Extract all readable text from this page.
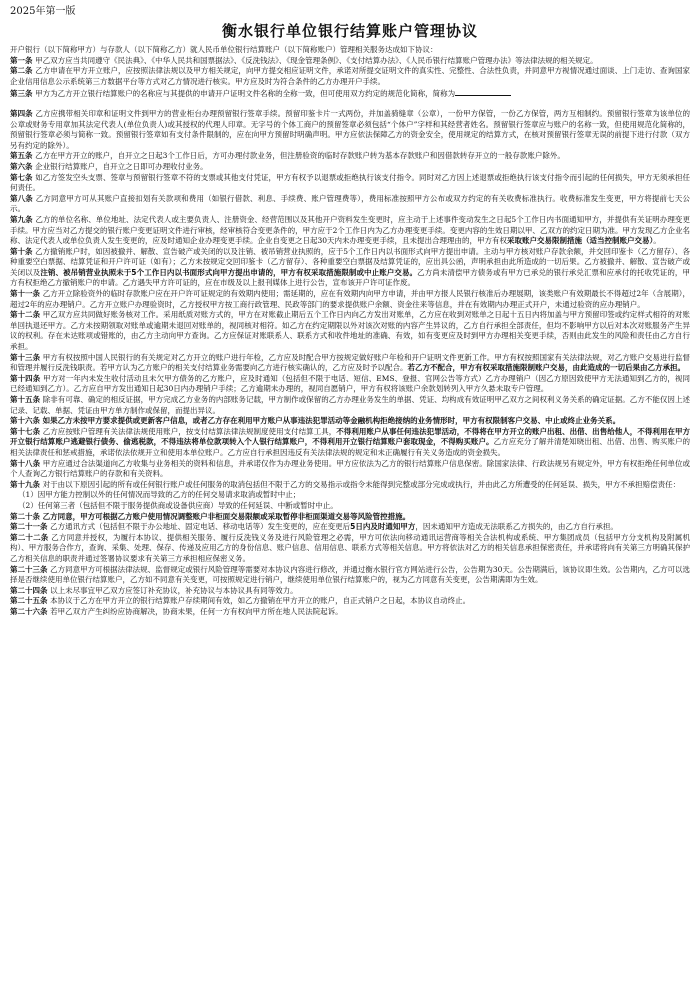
2025年第一版

衡水银行单位银行结算账户管理协议

开户银行（以下简称甲方）与存款人（以下简称乙方）就人民币单位银行结算账户（以下简称账户）管理相关服务达成如下协议：

第一条 甲乙双方应当共同遵守《民法典》、《中华人民共和国票据法》、《反洗钱法》、《现金管理条例》、《支付结算办法》、《人民币银行结算账户管理办法》等法律法规的相关规定。

第二条 乙方申请在甲方开立账户，应按照法律法规以及甲方相关规定，向甲方提交相应证明文件，承诺对所提交证明文件的真实性、完整性、合法性负责，并同意甲方视情况通过面谈、上门走访、查询国家企业信用信息公示系统第三方数据平台等方式对乙方情况进行核实。甲方应及时为符合条件的乙方办理开户手续。

第三条 甲方为乙方开立银行结算账户的名称应与其提供的申请开户证明文件名称的全称一致，但可使用双方约定的规范化简称，简称为

第四条 乙方应携带相关印章和证明文件到甲方的营业柜台办理预留银行签章手续。预留印鉴卡片一式两份，并加盖骑缝章（公章），一份甲方保管，一份乙方保管，两方互相制约。预留银行签章为该单位的公章或财务专用章加其法定代表人(单位负责人)或其授权的代理人印章。无字号的个体工商户的预留签章必须包括“个体户”字样和其经营者姓名。预留银行签章应与账户的名称一致，但使用规范化简称的，预留银行签章必须与简称一致。预留银行签章如有支付条件限制的，应在向甲方预留时明确声明。甲方应依法保障乙方的资金安全，使用规定的结算方式，在核对预留银行签章无误的前提下进行付款（双方另有约定的除外）。

第五条 乙方在甲方开立的账户，自开立之日起3个工作日后，方可办理付款业务，但注册验资的临时存款账户转为基本存款账户和因借款转存开立的一般存款账户除外。

第六条 企业银行结算账户，自开立之日即可办理收付业务。

第七条 如乙方签发空头支票、签章与预留银行签章不符的支票或其他支付凭证，甲方有权予以退票或拒绝执行该支付指令。同时对乙方因上述退票或拒绝执行该支付指令而引起的任何损失，甲方无须承担任何责任。

第八条 乙方同意甲方可从其账户直接扣划有关款项和费用（如银行借款、利息、手续费、账户管理费等），费用标准按照甲方公布或双方约定的有关收费标准执行。收费标准发生变更，甲方将提前七天公示。

第九条 乙方的单位名称、单位地址、法定代表人或主要负责人、注册资金、经营范围以及其他开户资料发生变更时，应主动于上述事件变动发生之日起5个工作日内书面通知甲方，并提供有关证明办理变更手续。甲方应当对乙方提交的银行账户变更证明文件进行审核，经审核符合变更条件的，甲方应于2个工作日内为乙方办理变更手续。变更内容的生效日期以甲、乙双方的约定日期为准。甲方发现乙方企业名称、法定代表人或单位负责人发生变更的，应及时通知企业办理变更手续。企业自变更之日起30天内未办理变更手续，且未提出合理理由的，甲方有权采取账户交易限制措施（适当控制账户交易）。

第十条 乙方撤销账户时，如因被撤并、解散、宣告破产或关闭的以及注销、被吊销营业执照的，应于5个工作日内以书面形式向甲方提出申请。主动与甲方核对账户存款余额，并交回印鉴卡（乙方留存）、各种重要空白票据、结算凭证和开户许可证（如有）；乙方未按规定交回印鉴卡（乙方留存）、各种重要空白票据及结算凭证的，应出具公函，声明承担由此所造成的一切后果。乙方被撤并、解散、宣告破产或关闭以及注销、被吊销营业执照未于5个工作日内以书面形式向甲方提出申请的，甲方有权采取措施限制或中止账户交易。乙方尚未清偿甲方债务或有甲方已承兑的银行承兑汇票和应承付的托收凭证的，甲方有权拒绝乙方撤销账户的申请。乙方遇失甲方许可证的，应在市级及以上报刊媒体上进行公告，宣布该开户许可证作废。

第十一条 乙方开立除验资外的临时存款账户应在开户许可证规定的有效期内使用；需延期的，应在有效期内向甲方申请，并由甲方报人民银行核准后办理展期，该类账户有效期最长不得超过2年（含展期），超过2年的应办理销户。乙方开立账户办理验资时，乙方授权甲方按工商行政管理、民政等部门的要求提供账户余额、资金往来等信息，并在有效期内办理正式开户，未通过验资的应办理销户。

第十二条 甲乙双方应共同做好账务核对工作。采用纸质对账方式的，甲方在对账截止期后五个工作日内向乙方发出对账单，乙方应在收到对账单之日起十五日内将加盖与甲方预留印签或约定样式相符的对账单回执退还甲方。乙方未按期领取对账单或逾期未退回对账单的，视同核对相符。如乙方在约定期限以外对该次对账的内容产生异议的，乙方自行承担全部责任，但均不影响甲方以后对本次对账服务产生异议的权利。存在未达账项或错账的，由乙方主动向甲方查询。乙方应保证对账联系人、联系方式和收件地址的准确、有效，如有变更应及时到甲方办理相关变更手续，否则由此发生的风险和责任由乙方自行承担。

第十三条 甲方有权按照中国人民银行的有关规定对乙方开立的账户进行年检，乙方应及时配合甲方按规定做好账户年检和开户证明文件更新工作。甲方有权按照国家有关法律法规，对乙方账户交易进行监督和管理并履行反洗钱职责。若甲方认为乙方账户的相关支付结算业务需要向乙方进行核实确认的，乙方应及时予以配合。若乙方不配合，甲方有权采取措施限制账户交易，由此造成的一切后果由乙方承担。

第十四条 甲方对一年内未发生收付活动且未欠甲方债务的乙方账户，应及时通知（包括但不限于电话、短信、EMS、登报、官网公告等方式）乙方办理销户（因乙方原因致使甲方无法通知到乙方的，视同已经通知到乙方）。乙方应自甲方发出通知日起30日内办理销户手续；乙方逾期未办理的，视同自愿销户，甲方有权将该账户余款划转列入甲方久悬未取专户管理。

第十五条 除非有可靠、确定的相反证据，甲方完成乙方业务的内部账务记载，甲方制作或保留的乙方办理业务发生的单据、凭证、均构成有效证明甲乙双方之间权利义务关系的确定证据。乙方不能仅因上述记录、记载、单据、凭证由甲方单方制作或保留，而提出异议。

第十六条 如果乙方未按甲方要求提供或更新客户信息，或者乙方存在利用甲方账户从事违法犯罪活动等金融机构拒绝接纳的业务情形时，甲方有权限制客户交易、中止或终止业务关系。

第十七条 乙方应按账户管理有关法律法规使用账户，按支付结算法律法规制度使用支付结算工具，不得利用账户从事任何违法犯罪活动，不得将在甲方开立的账户出租、出借、出售给他人，不得利用在甲方开立银行结算账户逃避银行债务、偷逃税款，不得违法将单位款项转入个人银行结算账户，不得利用开立银行结算账户套取现金，不得购买账户。乙方应充分了解并清楚知晓出租、出借、出售、购买账户的相关法律责任和惩戒措施，承诺依法依规开立和使用本单位账户。乙方应自行承担因违反有关法律法规的规定和未正确履行有关义务造成的资金损失。

第十八条 甲方应通过合法渠道向乙方收集与业务相关的资料和信息，并承诺仅作为办理业务使用。甲方应依法为乙方的银行结算账户信息保密。除国家法律、行政法规另有规定外，甲方有权拒绝任何单位或个人查询乙方银行结算账户的存款和有关资料。

第十九条 对于由以下原因引起的所有或任何银行账户或任何服务的取消包括但不限于乙方的交易指示或指令未能得到完整或部分完成或执行，并由此乙方所遭受的任何延误、损失，甲方不承担赔偿责任：

（1）因甲方能力控制以外的任何情况而导致的乙方的任何交易请求取消或暂时中止；

（2）任何第三者（包括但不限于服务提供商或设备供应商）导致的任何延误、中断或暂时中止。

第二十条 乙方同意，甲方可根据乙方账户使用情况调整账户非柜面交易限额或采取暂停非柜面渠道交易等风险管控措施。

第二十一条 乙方通讯方式（包括但不限于办公地址、固定电话、移动电话等）发生变更的，应在变更后5日内及时通知甲方，因未通知甲方造成无法联系乙方损失的，由乙方自行承担。

第二十二条 乙方同意并授权，为履行本协议、提供相关服务、履行反洗钱义务及进行风险管理之必需，甲方可依法向移动通讯运营商等相关合法机构或系统、甲方集团成员（包括甲方分支机构及附属机构）、甲方服务合作方，查询、采集、处理、保存、传递及应用乙方的身份信息、账户信息、信用信息、联系方式等相关信息。甲方将依法对乙方的相关信息承担保密责任，并承诺将向有关第三方明确其保护乙方相关信息的职责并通过签署协议要求有关第三方承担相应保密义务。

第二十三条 乙方同意甲方可根据法律法规、监督规定或银行风险管理等需要对本协议内容进行修改，并通过衡水银行官方网站进行公告，公告期为30天。公告期满后，该协议即生效。公告期内，乙方可以选择是否继续使用单位银行结算账户，乙方如不同意有关变更，可按照规定进行销户，继续使用单位银行结算账户的，视为乙方同意有关变更，公告期满即为生效。

第二十四条 以上未尽事宜甲乙双方应签订补充协议，补充协议与本协议具有同等效力。

第二十五条 本协议于乙方在甲方开立的银行结算账户存续期间有效，如乙方撤销在甲方开立的账户，自正式销户之日起，本协议自动终止。

第二十六条 若甲乙双方产生纠纷应协商解决，协商未果，任何一方有权向甲方所在地人民法院起诉。
